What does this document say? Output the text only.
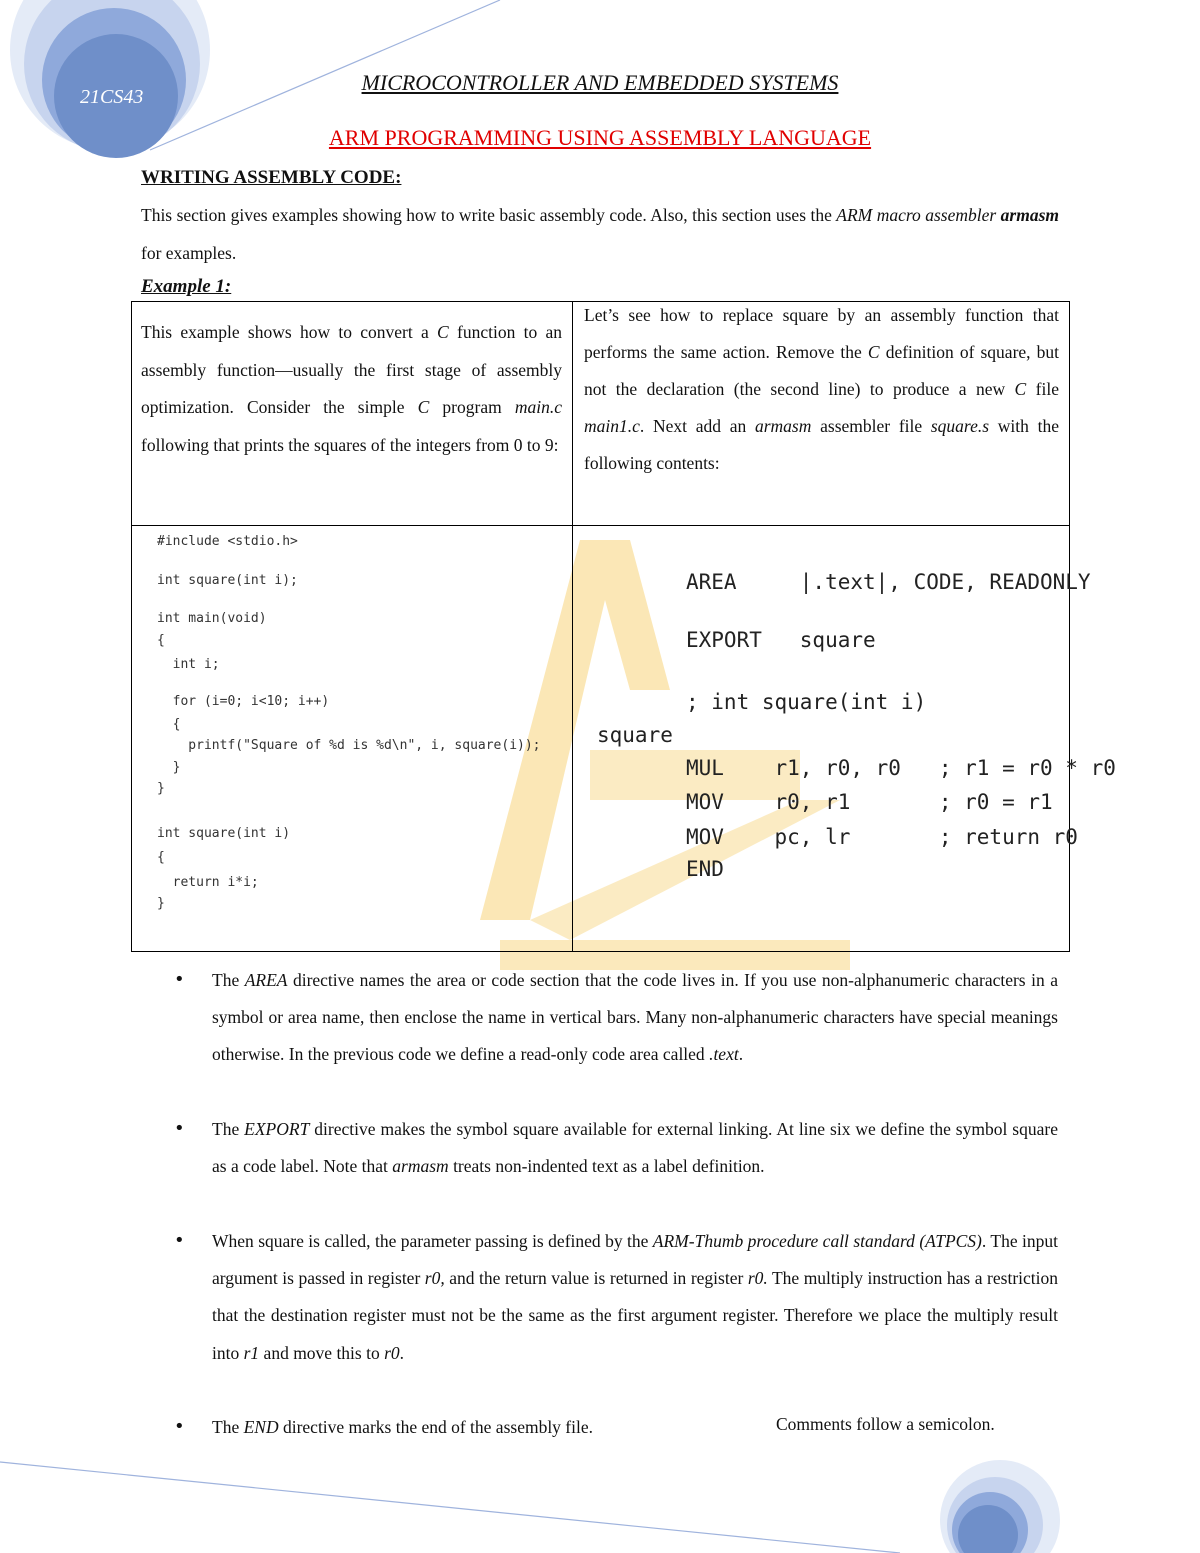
21CS43
MICROCONTROLLER AND EMBEDDED SYSTEMS
ARM PROGRAMMING USING ASSEMBLY LANGUAGE
WRITING ASSEMBLY CODE:
This section gives examples showing how to write basic assembly code. Also, this section uses the ARM macro assembler armasm for examples.
Example 1:
This example shows how to convert a C function to an assembly function—usually the first stage of assembly optimization. Consider the simple C program main.c following that prints the squares of the integers from 0 to 9:
Let’s see how to replace square by an assembly function that performs the same action. Remove the C definition of square, but not the declaration (the second line) to produce a new C file main1.c. Next add an armasm assembler file square.s with the following contents:
#include <stdio.h>
int square(int i);
int main(void)
{
int i;
for (i=0; i<10; i++)
{
printf("Square of %d is %d\n", i, square(i));
}
}
int square(int i)
{
return i*i;
}
AREA     |.text|, CODE, READONLY
EXPORT   square
; int square(int i)
square
MUL    r1, r0, r0   ; r1 = r0 * r0
MOV    r0, r1       ; r0 = r1
MOV    pc, lr       ; return r0
END
• The AREA directive names the area or code section that the code lives in. If you use non-alphanumeric characters in a symbol or area name, then enclose the name in vertical bars. Many non-alphanumeric characters have special meanings otherwise. In the previous code we define a read-only code area called .text.
• The EXPORT directive makes the symbol square available for external linking. At line six we define the symbol square as a code label. Note that armasm treats non-indented text as a label definition.
• When square is called, the parameter passing is defined by the ARM-Thumb procedure call standard (ATPCS). The input argument is passed in register r0, and the return value is returned in register r0. The multiply instruction has a restriction that the destination register must not be the same as the first argument register. Therefore we place the multiply result into r1 and move this to r0.
• The END directive marks the end of the assembly file.	Comments follow a semicolon.
